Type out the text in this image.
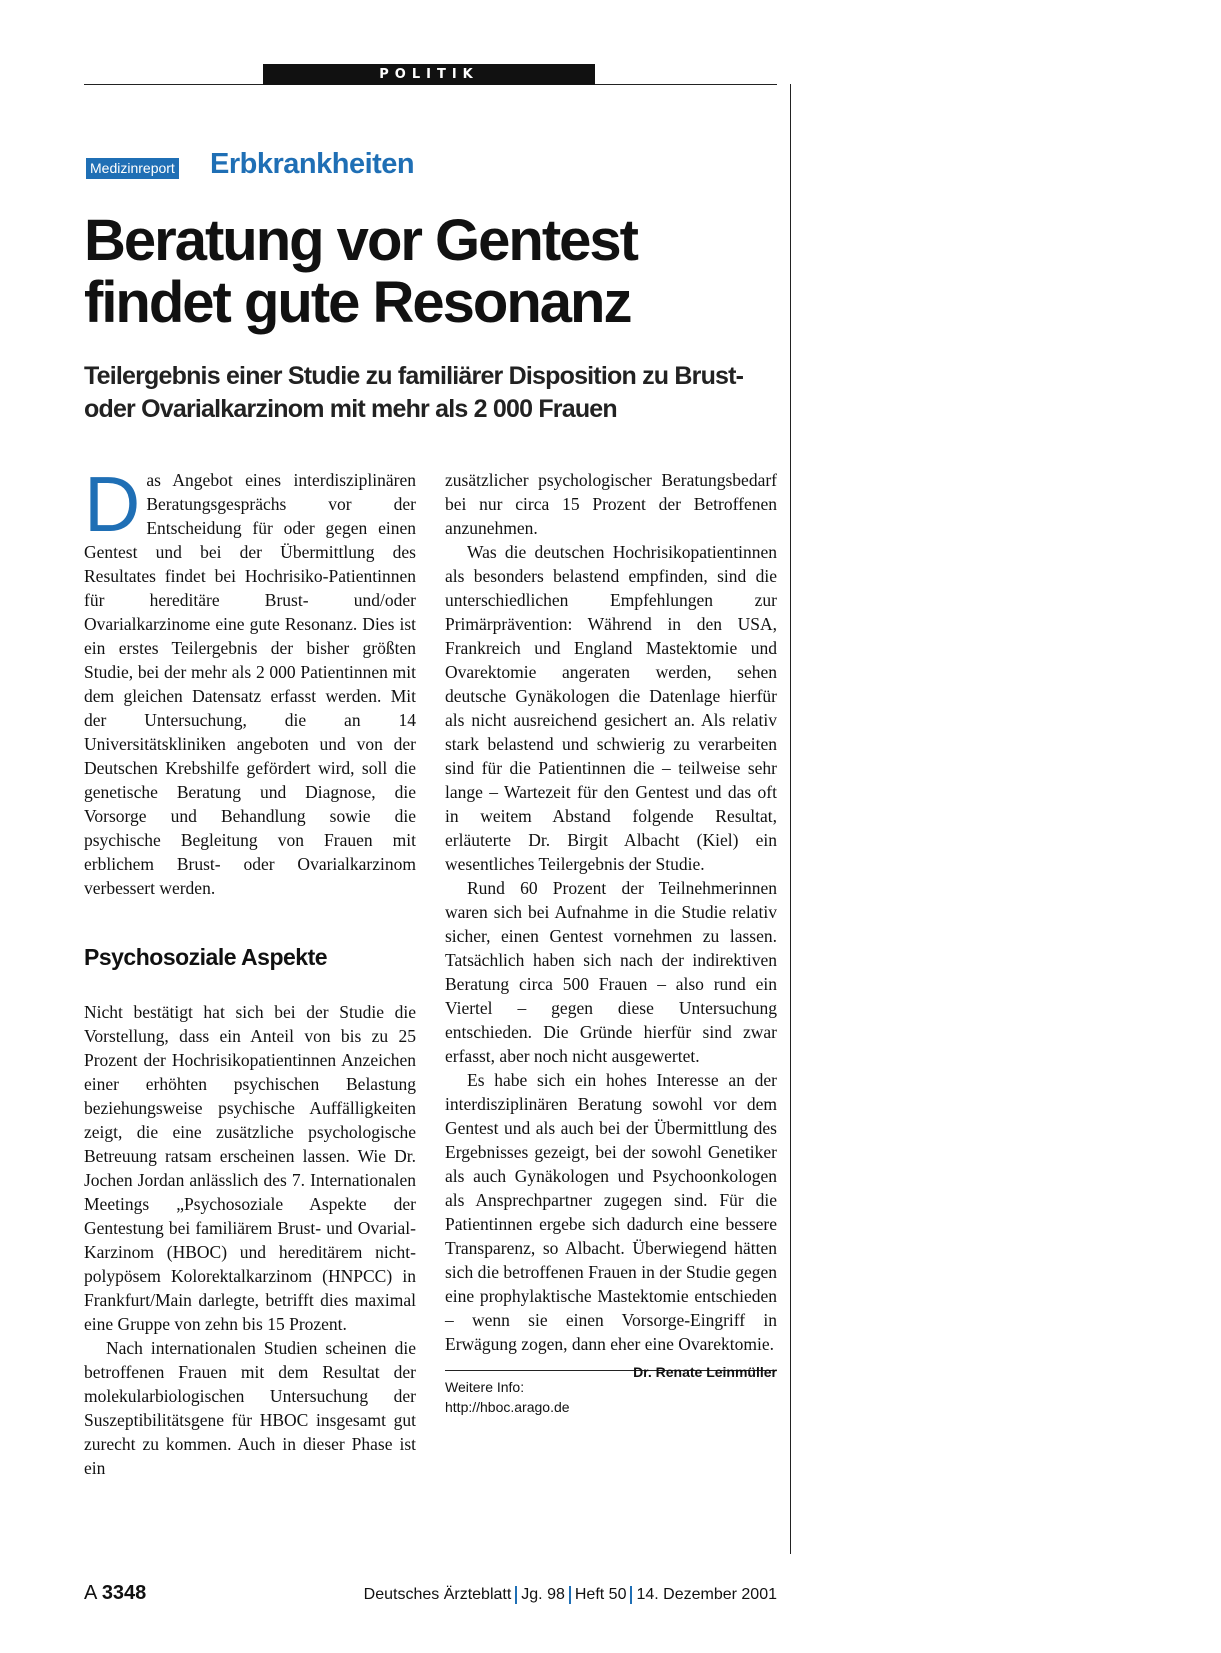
POLITIK
Medizinreport Erbkrankheiten
Beratung vor Gentest
findet gute Resonanz
Teilergebnis einer Studie zu familiärer Disposition zu Brust-
oder Ovarialkarzinom mit mehr als 2 000 Frauen

Das Angebot eines interdisziplinären Beratungsgesprächs vor der Entscheidung für oder gegen einen Gentest und bei der Übermittlung des Resultates findet bei Hochrisiko-Patientinnen für hereditäre Brust- und/oder Ovarialkarzinome eine gute Resonanz. Dies ist ein erstes Teilergebnis der bisher größten Studie, bei der mehr als 2 000 Patientinnen mit dem gleichen Datensatz erfasst werden. Mit der Untersuchung, die an 14 Universitätskliniken angeboten und von der Deutschen Krebshilfe gefördert wird, soll die genetische Beratung und Diagnose, die Vorsorge und Behandlung sowie die psychische Begleitung von Frauen mit erblichem Brust- oder Ovarialkarzinom verbessert werden.

Psychosoziale Aspekte

Nicht bestätigt hat sich bei der Studie die Vorstellung, dass ein Anteil von bis zu 25 Prozent der Hochrisikopatientinnen Anzeichen einer erhöhten psychischen Belastung beziehungsweise psychische Auffälligkeiten zeigt, die eine zusätzliche psychologische Betreuung ratsam erscheinen lassen. Wie Dr. Jochen Jordan anlässlich des 7. Internationalen Meetings „Psychosoziale Aspekte der Gentestung bei familiärem Brust- und Ovarial-Karzinom (HBOC) und hereditärem nicht-polypösem Kolorektalkarzinom (HNPCC) in Frankfurt/Main darlegte, betrifft dies maximal eine Gruppe von zehn bis 15 Prozent.

Nach internationalen Studien scheinen die betroffenen Frauen mit dem Resultat der molekularbiologischen Untersuchung der Suszeptibilitätsgene für HBOC insgesamt gut zurecht zu kommen. Auch in dieser Phase ist ein

zusätzlicher psychologischer Beratungsbedarf bei nur circa 15 Prozent der Betroffenen anzunehmen.

Was die deutschen Hochrisikopatientinnen als besonders belastend empfinden, sind die unterschiedlichen Empfehlungen zur Primärprävention: Während in den USA, Frankreich und England Mastektomie und Ovarektomie angeraten werden, sehen deutsche Gynäkologen die Datenlage hierfür als nicht ausreichend gesichert an. Als relativ stark belastend und schwierig zu verarbeiten sind für die Patientinnen die – teilweise sehr lange – Wartezeit für den Gentest und das oft in weitem Abstand folgende Resultat, erläuterte Dr. Birgit Albacht (Kiel) ein wesentliches Teilergebnis der Studie.

Rund 60 Prozent der Teilnehmerinnen waren sich bei Aufnahme in die Studie relativ sicher, einen Gentest vornehmen zu lassen. Tatsächlich haben sich nach der indirektiven Beratung circa 500 Frauen – also rund ein Viertel – gegen diese Untersuchung entschieden. Die Gründe hierfür sind zwar erfasst, aber noch nicht ausgewertet.

Es habe sich ein hohes Interesse an der interdisziplinären Beratung sowohl vor dem Gentest und als auch bei der Übermittlung des Ergebnisses gezeigt, bei der sowohl Genetiker als auch Gynäkologen und Psychoonkologen als Ansprechpartner zugegen sind. Für die Patientinnen ergebe sich dadurch eine bessere Transparenz, so Albacht. Überwiegend hätten sich die betroffenen Frauen in der Studie gegen eine prophylaktische Mastektomie entschieden – wenn sie einen Vorsorge-Eingriff in Erwägung zogen, dann eher eine Ovarektomie.
Dr. Renate Leinmüller

Weitere Info: http://hboc.arago.de
A 3348	Deutsches Ärzteblatt Jg. 98 Heft 50 14. Dezember 2001
